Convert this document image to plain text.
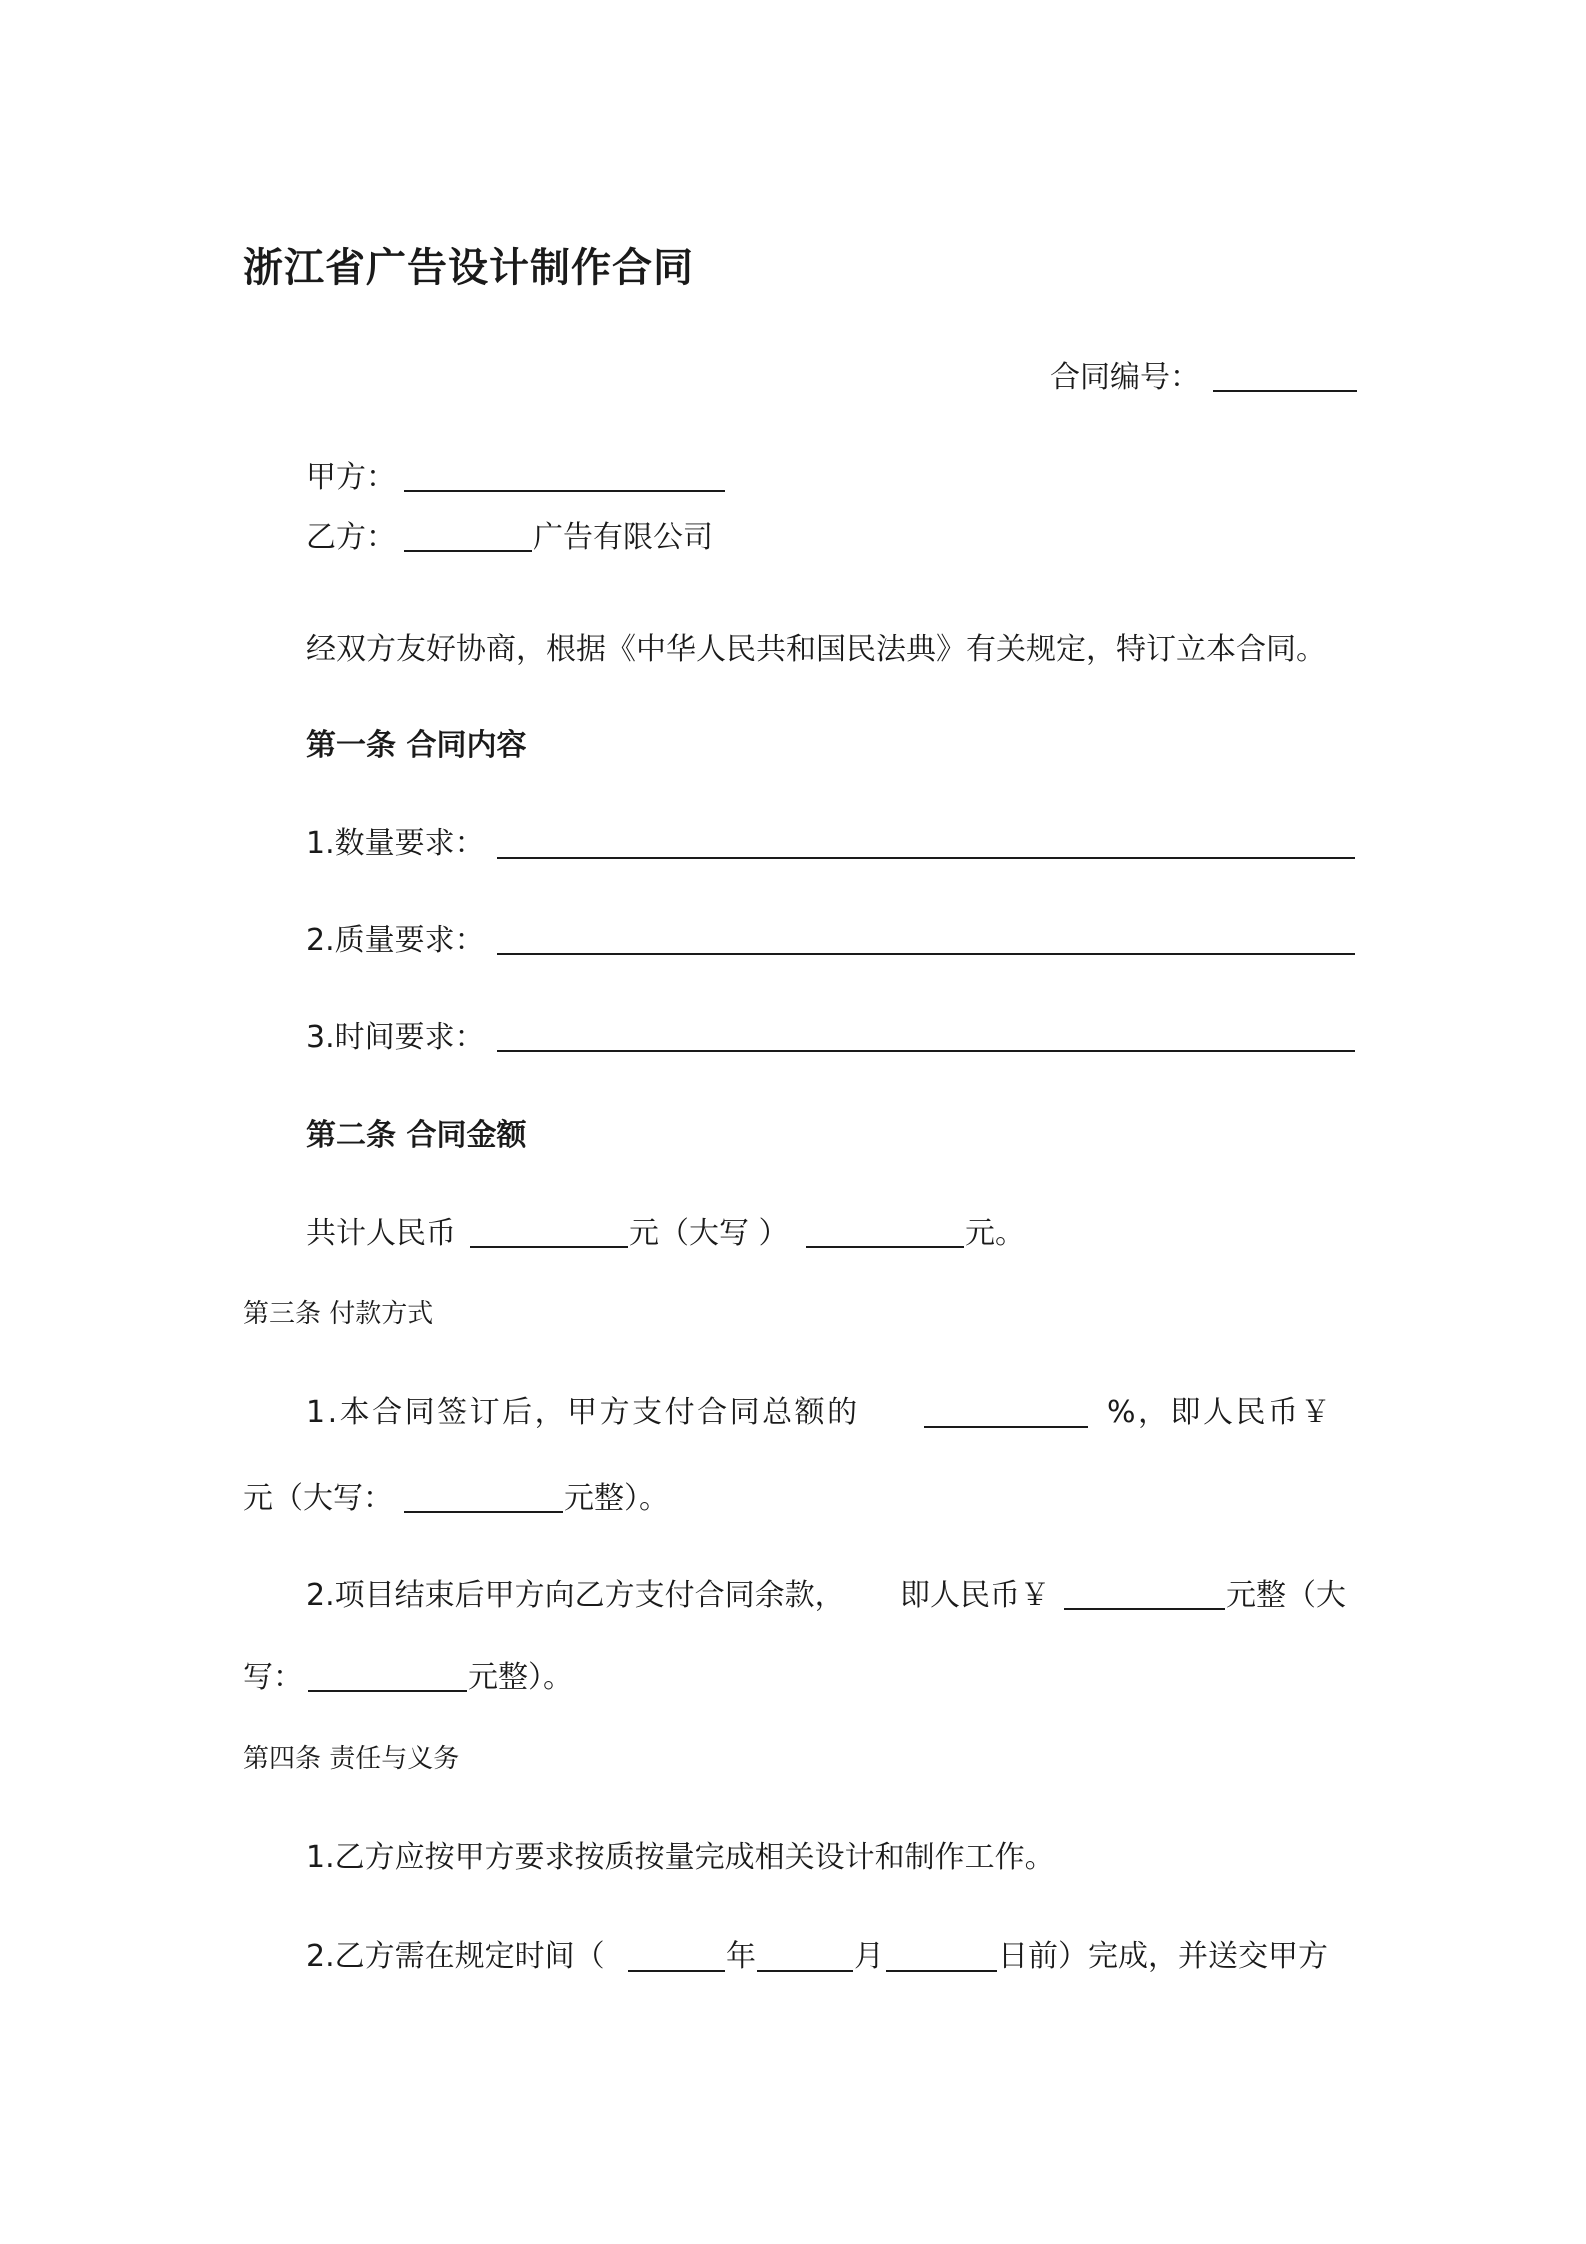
浙江省广告设计制作合同
合同编号：
甲方：
乙方：	广告有限公司
经双方友好协商，根据《中华人民共和国民法典》有关规定，特订立本合同。
第一条 合同内容
1.数量要求：
2.质量要求：
3.时间要求：
第二条 合同金额
共计人民币	元（大写 ）	元。
第三条 付款方式
1.本合同签订后，甲方支付合同总额的	%，即人民币￥
元（大写：	元整）。
2.项目结束后甲方向乙方支付合同余款， 即人民币￥	元整（大
写：	元整）。
第四条 责任与义务
1.乙方应按甲方要求按质按量完成相关设计和制作工作。
2.乙方需在规定时间（	年	月	日前）完成，并送交甲方
